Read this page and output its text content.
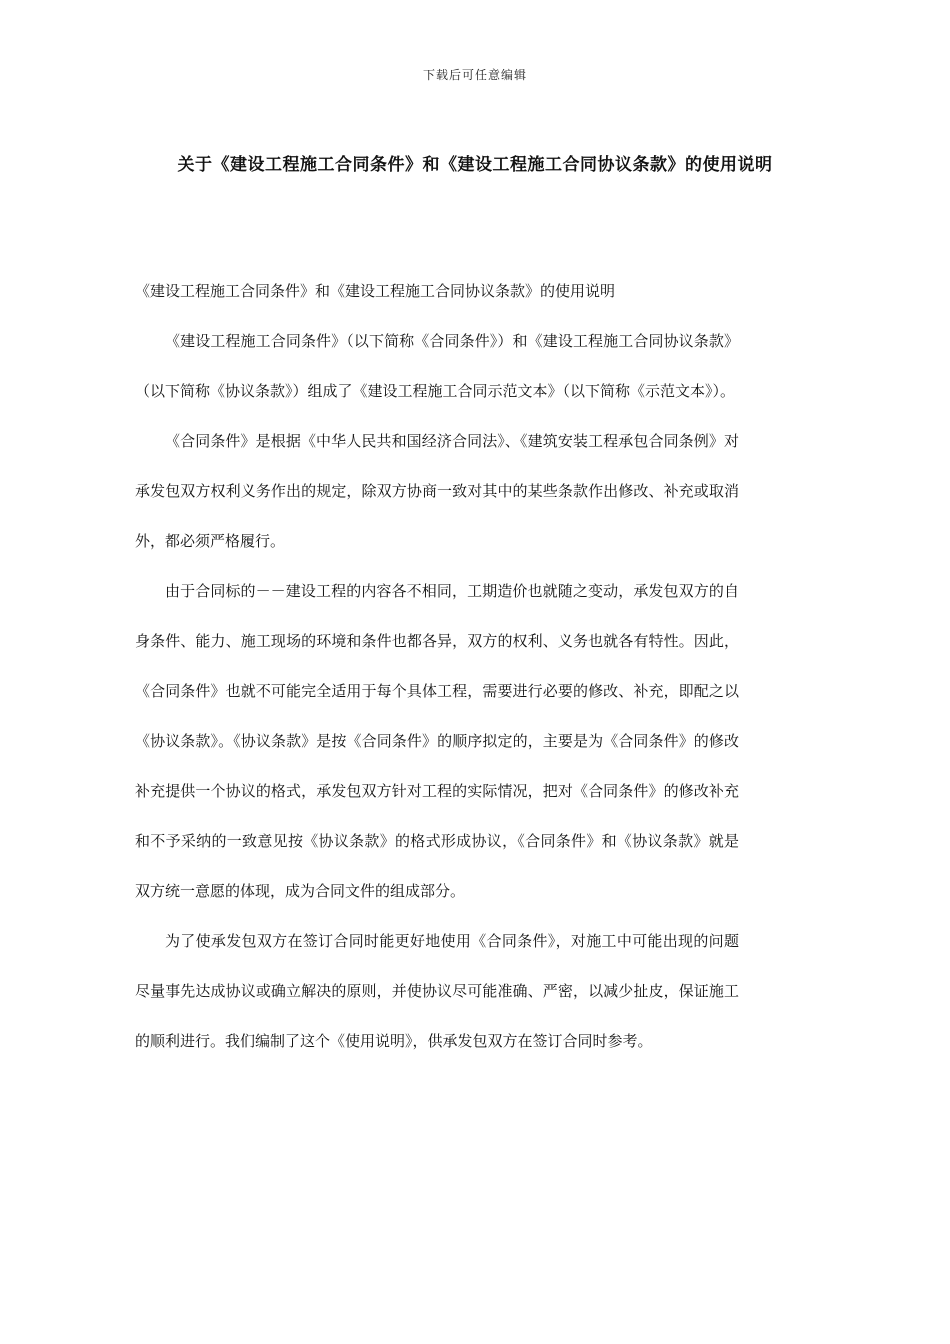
下载后可任意编辑
关于《建设工程施工合同条件》和《建设工程施工合同协议条款》的使用说明

《建设工程施工合同条件》和《建设工程施工合同协议条款》的使用说明

《建设工程施工合同条件》（以下简称《合同条件》）和《建设工程施工合同协议条款》（以下简称《协议条款》）组成了《建设工程施工合同示范文本》（以下简称《示范文本》）。

《合同条件》是根据《中华人民共和国经济合同法》、《建筑安装工程承包合同条例》对承发包双方权利义务作出的规定，除双方协商一致对其中的某些条款作出修改、补充或取消外，都必须严格履行。

由于合同标的－－建设工程的内容各不相同，工期造价也就随之变动，承发包双方的自身条件、能力、施工现场的环境和条件也都各异，双方的权利、义务也就各有特性。因此，《合同条件》也就不可能完全适用于每个具体工程，需要进行必要的修改、补充，即配之以《协议条款》。《协议条款》是按《合同条件》的顺序拟定的，主要是为《合同条件》的修改补充提供一个协议的格式，承发包双方针对工程的实际情况，把对《合同条件》的修改补充和不予采纳的一致意见按《协议条款》的格式形成协议，《合同条件》和《协议条款》就是双方统一意愿的体现，成为合同文件的组成部分。

为了使承发包双方在签订合同时能更好地使用《合同条件》，对施工中可能出现的问题尽量事先达成协议或确立解决的原则，并使协议尽可能准确、严密，以减少扯皮，保证施工的顺利进行。我们编制了这个《使用说明》，供承发包双方在签订合同时参考。
